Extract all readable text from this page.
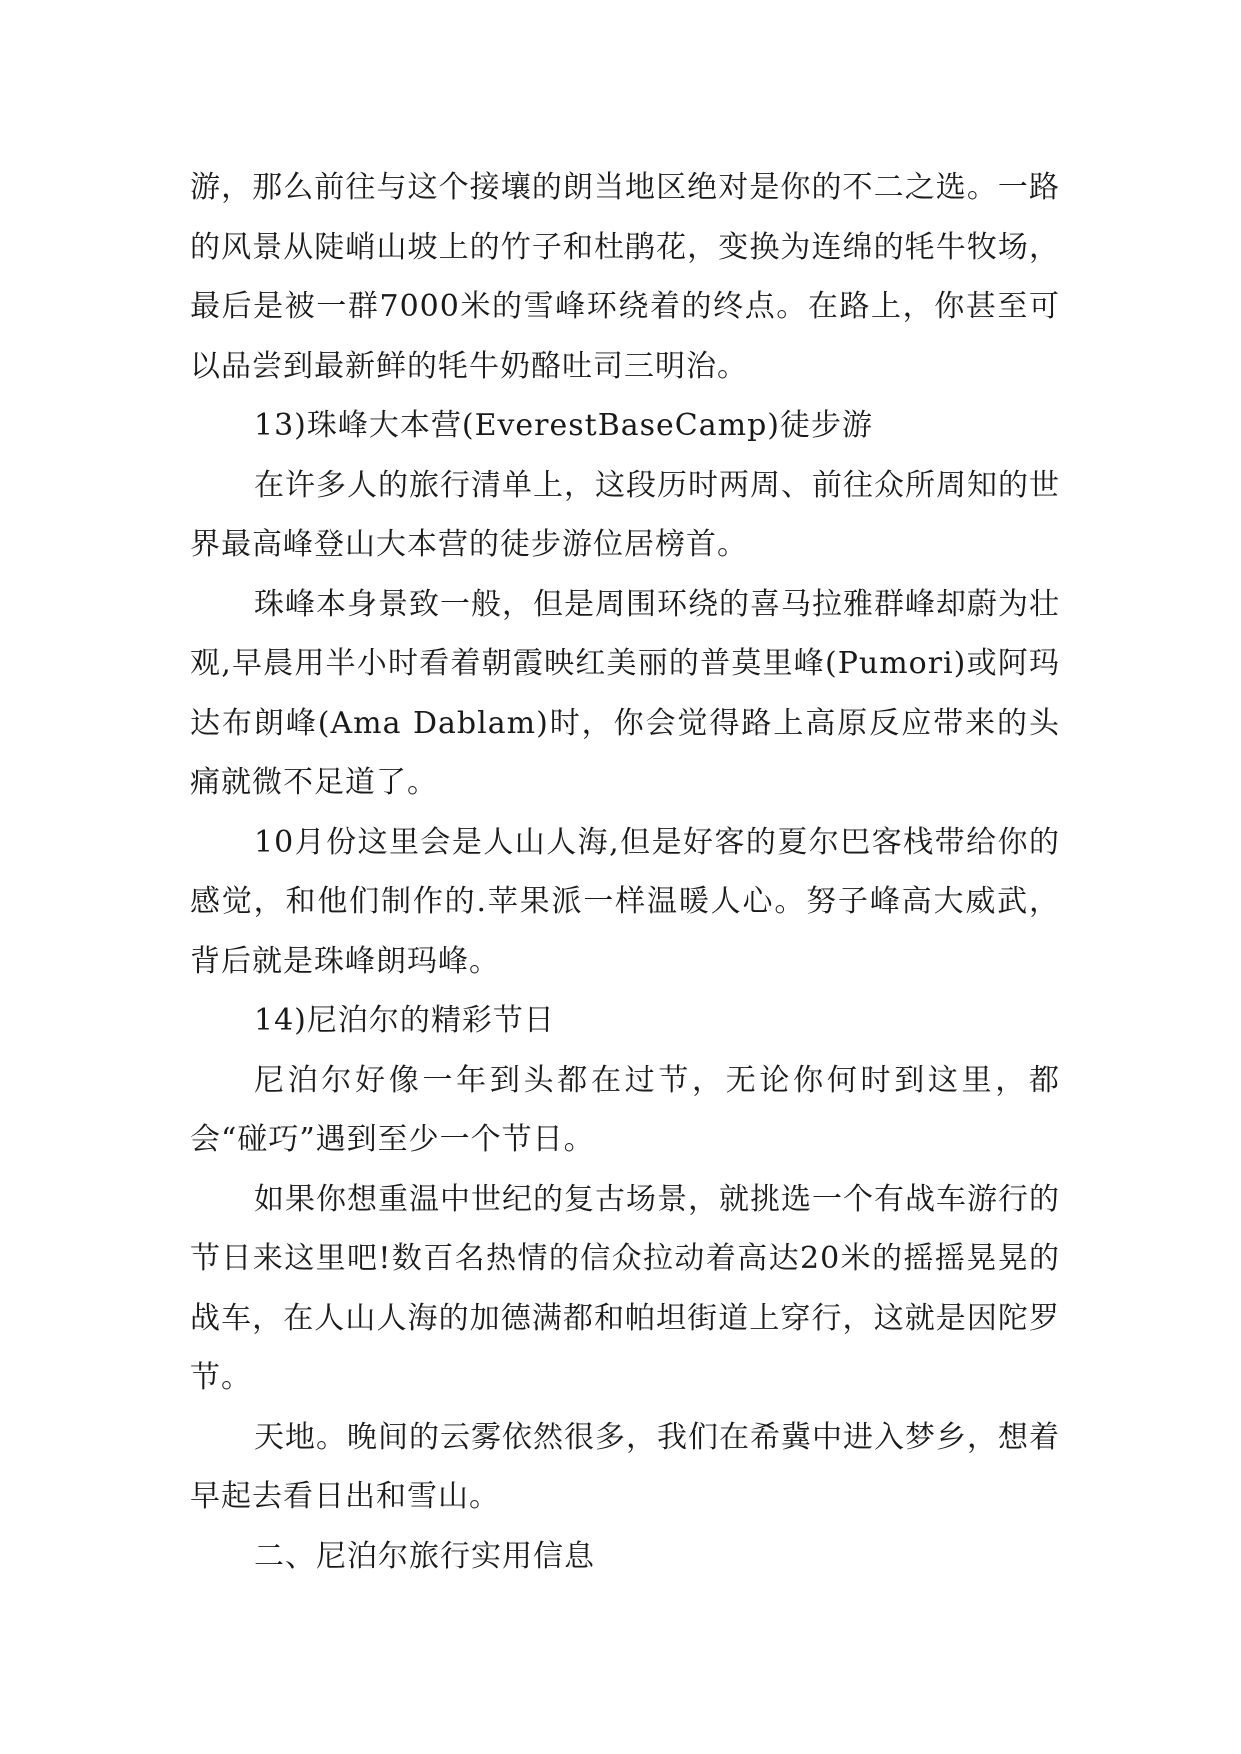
游，那么前往与这个接壤的朗当地区绝对是你的不二之选。一路的风景从陡峭山坡上的竹子和杜鹃花，变换为连绵的牦牛牧场，最后是被一群7000米的雪峰环绕着的终点。在路上，你甚至可以品尝到最新鲜的牦牛奶酪吐司三明治。

13)珠峰大本营(EverestBaseCamp)徒步游

在许多人的旅行清单上，这段历时两周、前往众所周知的世界最高峰登山大本营的徒步游位居榜首。

珠峰本身景致一般，但是周围环绕的喜马拉雅群峰却蔚为壮观,早晨用半小时看着朝霞映红美丽的普莫里峰(Pumori)或阿玛达布朗峰(Ama Dablam)时，你会觉得路上高原反应带来的头痛就微不足道了。

10月份这里会是人山人海,但是好客的夏尔巴客栈带给你的感觉，和他们制作的.苹果派一样温暖人心。努子峰高大威武，背后就是珠峰朗玛峰。

14)尼泊尔的精彩节日

尼泊尔好像一年到头都在过节，无论你何时到这里，都会“碰巧”遇到至少一个节日。

如果你想重温中世纪的复古场景，就挑选一个有战车游行的节日来这里吧!数百名热情的信众拉动着高达20米的摇摇晃晃的战车，在人山人海的加德满都和帕坦街道上穿行，这就是因陀罗节。

天地。晚间的云雾依然很多，我们在希冀中进入梦乡，想着早起去看日出和雪山。

二、尼泊尔旅行实用信息
